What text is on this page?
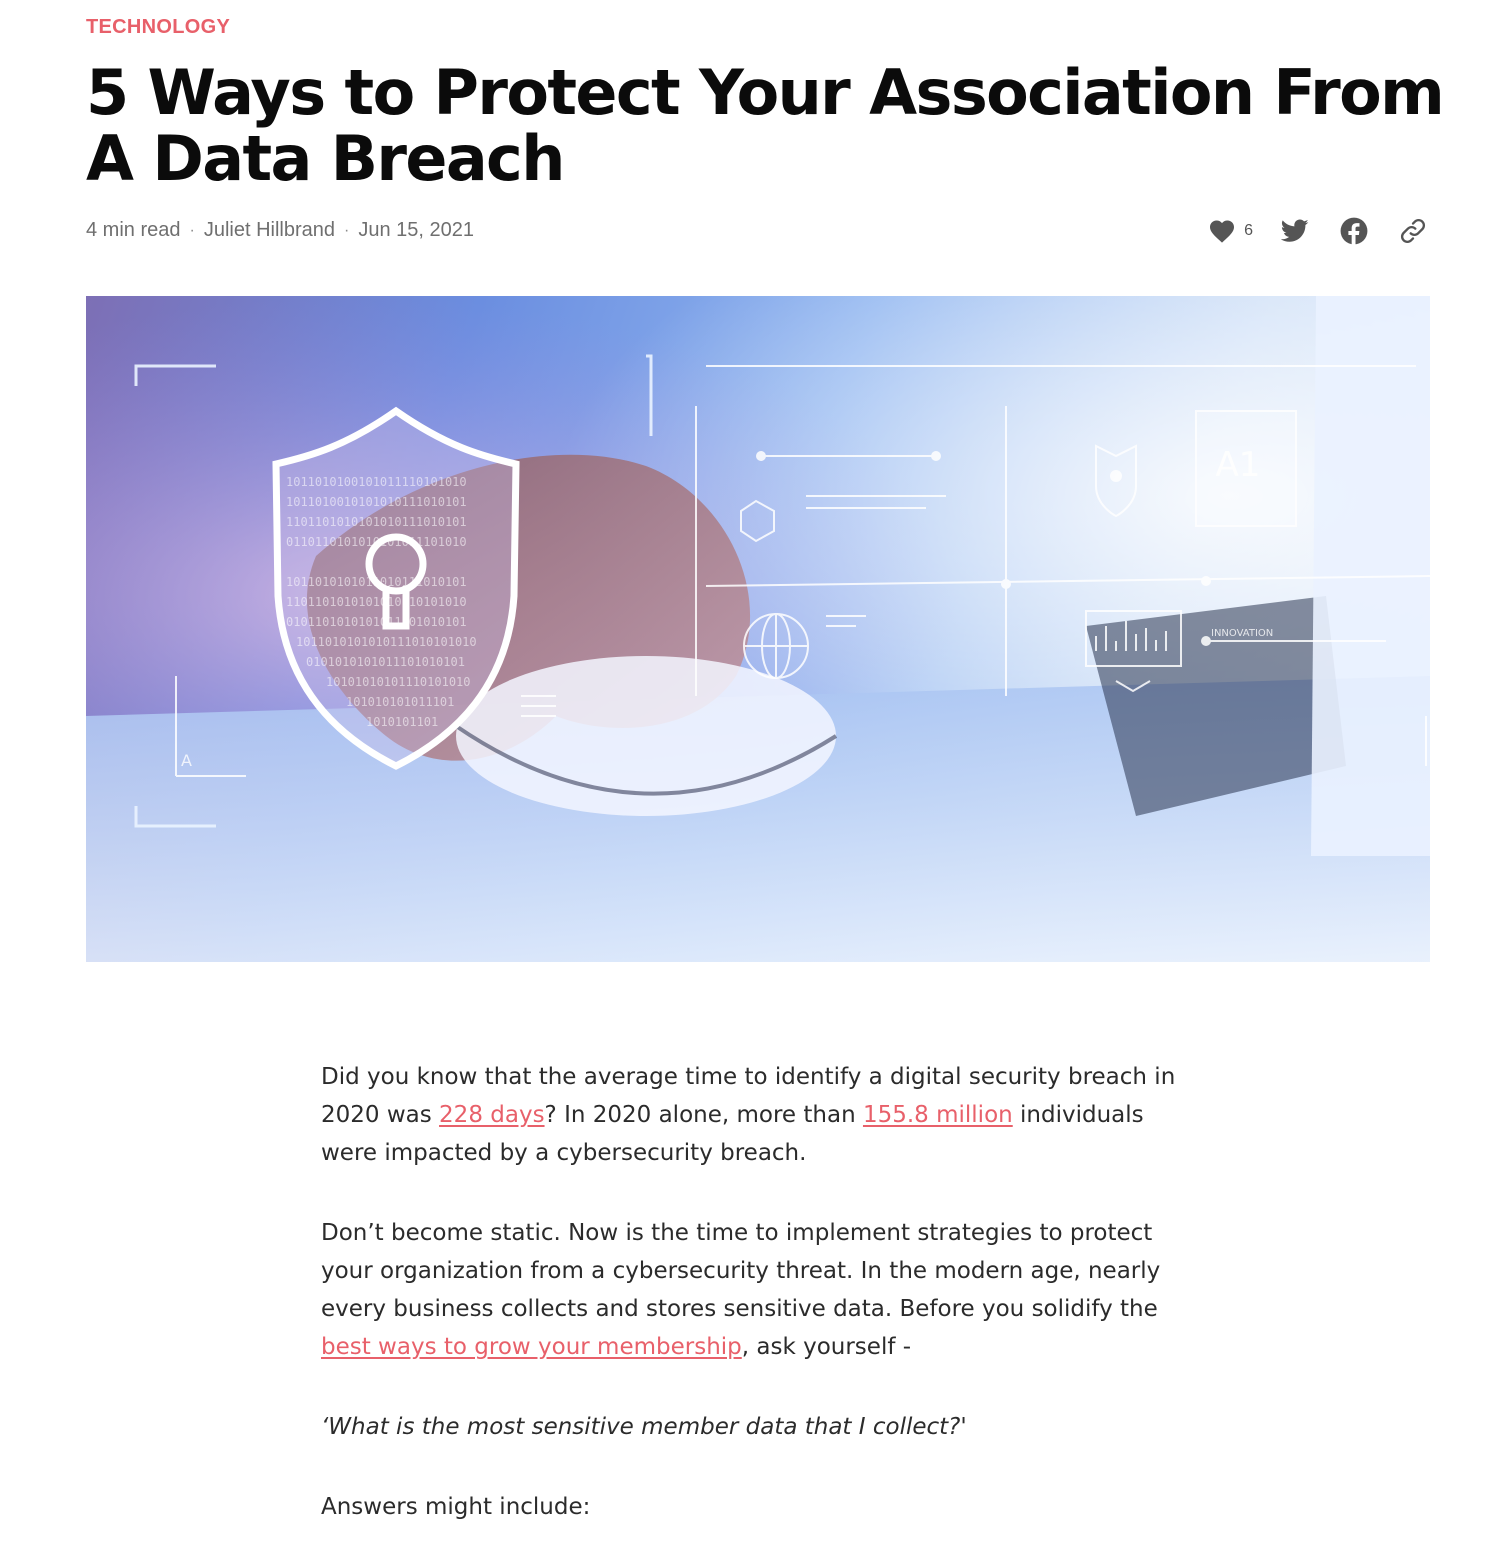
TECHNOLOGY
5 Ways to Protect Your Association From A Data Breach
4 min read · Juliet Hillbrand · Jun 15, 2021	6
1011010100101011110101010
1011010010101010111010101
1101101010101010111010101
0110110101010101011101010
1011010101011010111010101
1101101010101010110101010
0101101010101011101010101
1011010101010111010101010
0101010101011101010101
10101010101110101010
101010101011101
1010101101
A1
A
INNOVATION

Did you know that the average time to identify a digital security breach in 2020 was 228 days? In 2020 alone, more than 155.8 million individuals were impacted by a cybersecurity breach.

Don’t become static. Now is the time to implement strategies to protect your organization from a cybersecurity threat. In the modern age, nearly every business collects and stores sensitive data. Before you solidify the best ways to grow your membership, ask yourself -

‘What is the most sensitive member data that I collect?'

Answers might include:
